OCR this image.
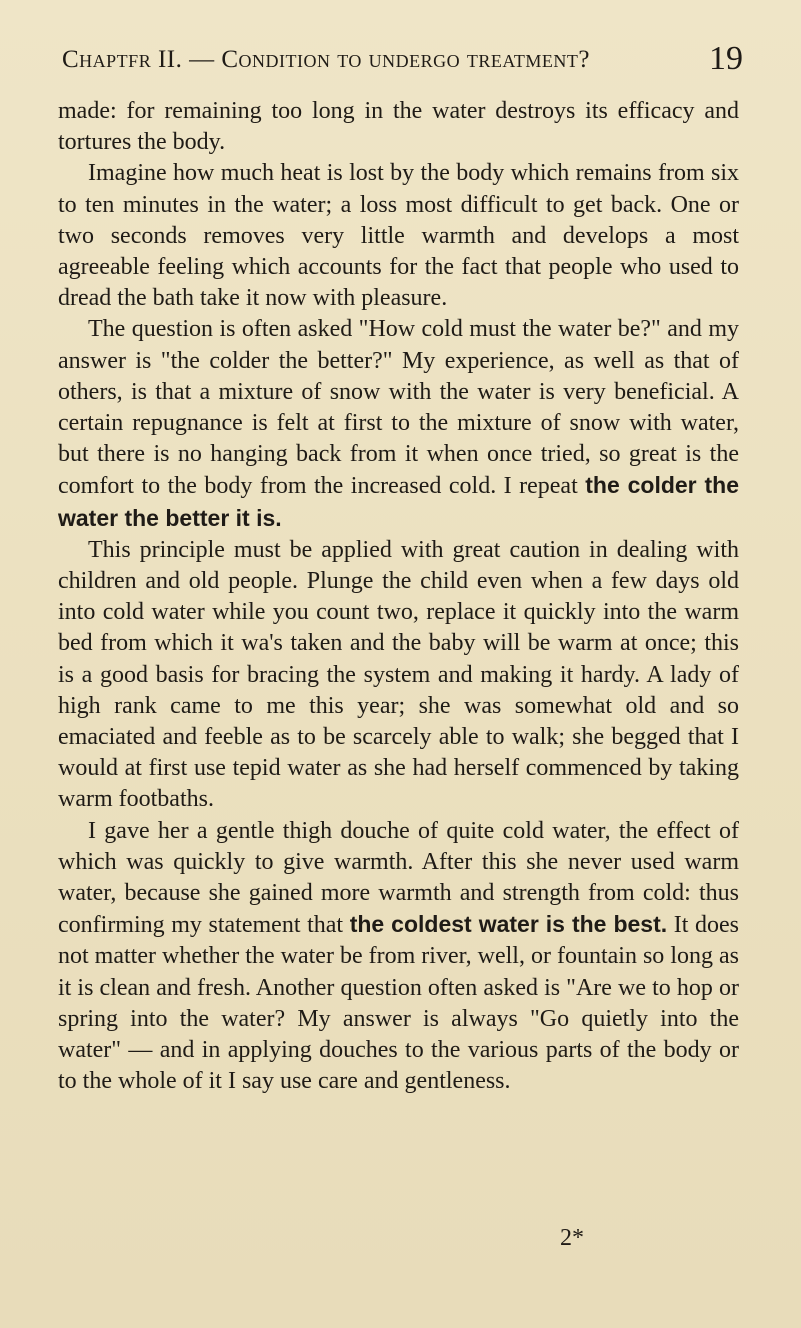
Chaptfr II. — Condition to undergo treatment?	19

made: for remaining too long in the water destroys its efficacy and tortures the body.

Imagine how much heat is lost by the body which remains from six to ten minutes in the water; a loss most difficult to get back. One or two seconds removes very little warmth and develops a most agreeable feeling which accounts for the fact that people who used to dread the bath take it now with pleasure.

The question is often asked "How cold must the water be?" and my answer is "the colder the better?" My experience, as well as that of others, is that a mixture of snow with the water is very beneficial. A certain repugnance is felt at first to the mixture of snow with water, but there is no hanging back from it when once tried, so great is the comfort to the body from the increased cold. I repeat the colder the water the better it is.

This principle must be applied with great caution in dealing with children and old people. Plunge the child even when a few days old into cold water while you count two, replace it quickly into the warm bed from which it wa's taken and the baby will be warm at once; this is a good basis for bracing the system and making it hardy. A lady of high rank came to me this year; she was somewhat old and so emaciated and feeble as to be scarcely able to walk; she begged that I would at first use tepid water as she had herself commenced by taking warm footbaths.

I gave her a gentle thigh douche of quite cold water, the effect of which was quickly to give warmth. After this she never used warm water, because she gained more warmth and strength from cold: thus confirming my statement that the coldest water is the best. It does not matter whether the water be from river, well, or fountain so long as it is clean and fresh. Another question often asked is "Are we to hop or spring into the water? My answer is always "Go quietly into the water" — and in applying douches to the various parts of the body or to the whole of it I say use care and gentleness.

2*
